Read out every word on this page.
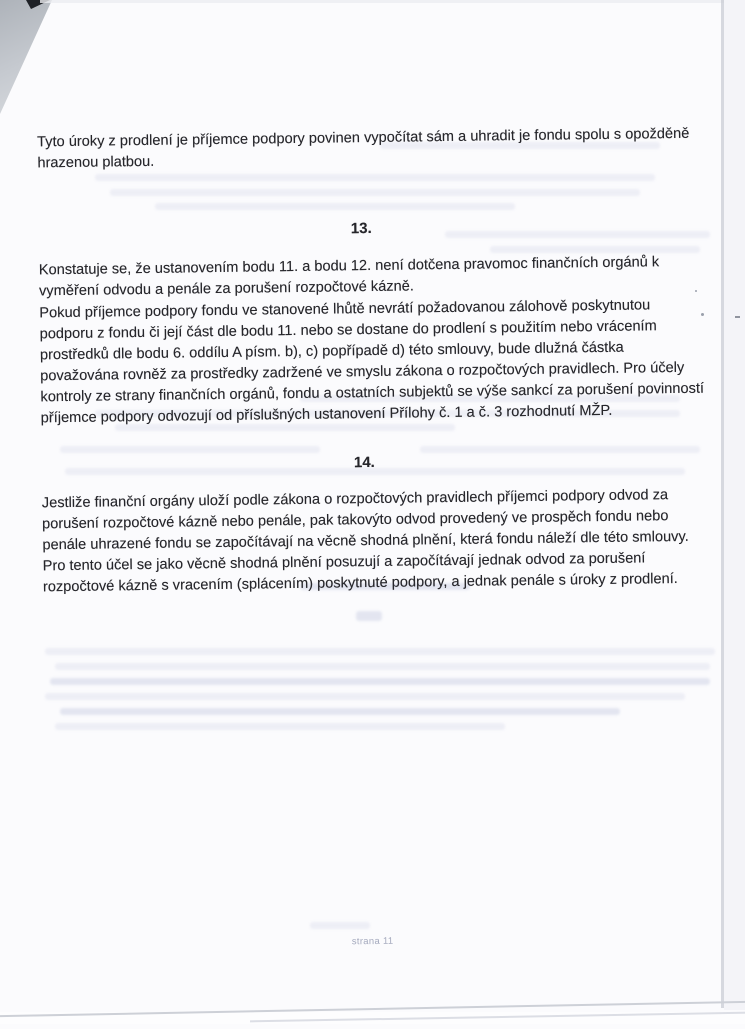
Tyto úroky z prodlení je příjemce podpory povinen vypočítat sám a uhradit je fondu spolu s opožděně
hrazenou platbou.
13.
Konstatuje se, že ustanovením bodu 11. a bodu 12. není dotčena pravomoc finančních orgánů k
vyměření odvodu a penále za porušení rozpočtové kázně.
Pokud příjemce podpory fondu ve stanovené lhůtě nevrátí požadovanou zálohově poskytnutou
podporu z fondu či její část dle bodu 11. nebo se dostane do prodlení s použitím nebo vrácením
prostředků dle bodu 6. oddílu A písm. b), c) popřípadě d) této smlouvy, bude dlužná částka
považována rovněž za prostředky zadržené ve smyslu zákona o rozpočtových pravidlech. Pro účely
kontroly ze strany finančních orgánů, fondu a ostatních subjektů se výše sankcí za porušení povinností
příjemce podpory odvozují od příslušných ustanovení Přílohy č. 1 a č. 3 rozhodnutí MŽP.
14.
Jestliže finanční orgány uloží podle zákona o rozpočtových pravidlech příjemci podpory odvod za
porušení rozpočtové kázně nebo penále, pak takovýto odvod provedený ve prospěch fondu nebo
penále uhrazené fondu se započítávají na věcně shodná plnění, která fondu náleží dle této smlouvy.
Pro tento účel se jako věcně shodná plnění posuzují a započítávají jednak odvod za porušení
rozpočtové kázně s vracením (splácením) poskytnuté podpory, a jednak penále s úroky z prodlení.
strana 11
